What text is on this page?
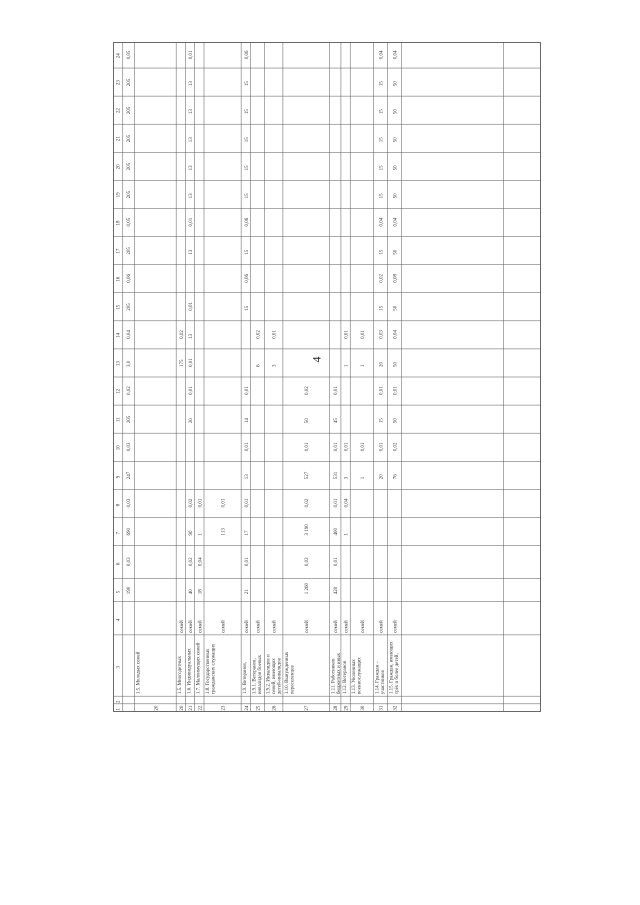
4
1
2
3
4
5
6
7
8
9
10
11
12
13
14
15
16
17
18
19
20
21
22
23
24
190
0,03
690
0,03
247
0,03
205
0,02
3,0
0,04
205
0,06
205
0,05
205
205
205
205
205
0,05
20
1.5. Молодых семей
20
1.5. Многодетных
семей
175
0,02
21
1.6. Индивидуальных
семей
40
0,02
90
0,02
20
0,01
0,01
13
0,01
13
0,01
13
13
13
13
13
0,01
22
1.7. Малоимущих семей
семей
18
0,04
1
0,01
23
1.8. Государственных гражданских служащих
семей
113
0,01
24
1.9. Ветеранов,
семей
21
0,01
17
0,01
13
0,01
14
0,01
15
0,06
15
0,06
15
15
15
15
15
0,06
25
1.9.1. Ветеранов, инвалидов боевых
семей
6
0,02
26
1.9.2. Инвалидов и семей, имеющих детей-инвалидов
семей
3
0,01
27
1.10. Вынужденных переселенцев
семей
1 260
0,02
3 190
0,02
527
0,01
50
0,02
28
1.11. Работников бюджетных и иных
семей
420
0,01
400
0,01
531
0,01
45
0,01
29
1.12. Ветеранов
семей
1
0,04
3
0,01
1
0,01
30
1.13. Уволенных военнослужащих
семей
1
0,01
1
0,01
31
1.14. Граждан – участников
семей
20
0,01
15
0,01
20
0,03
15
0,02
15
0,04
15
15
15
15
15
0,04
32
1.15. Граждан, имеющих трёх и более детей,
семей
76
0,02
50
0,01
50
0,04
50
0,08
50
0,04
50
50
50
50
50
0,04
